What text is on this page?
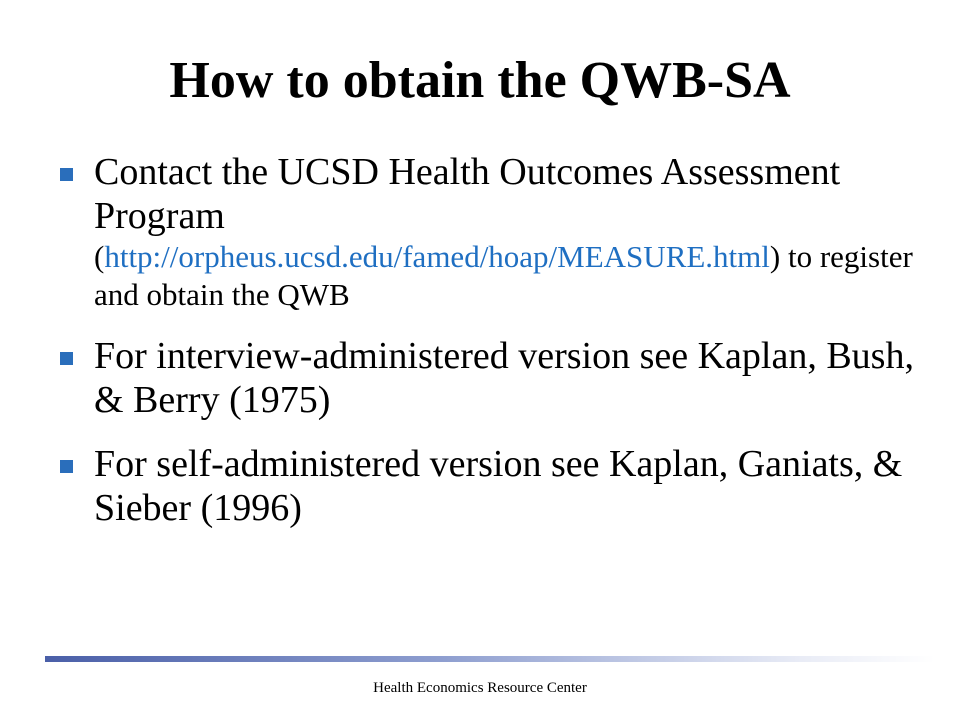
How to obtain the QWB-SA
Contact the UCSD Health Outcomes Assessment Program
(http://orpheus.ucsd.edu/famed/hoap/MEASURE.html) to register and obtain the QWB
For interview-administered version see Kaplan, Bush, & Berry (1975)
For self-administered version see Kaplan, Ganiats, & Sieber (1996)
Health Economics Resource Center
